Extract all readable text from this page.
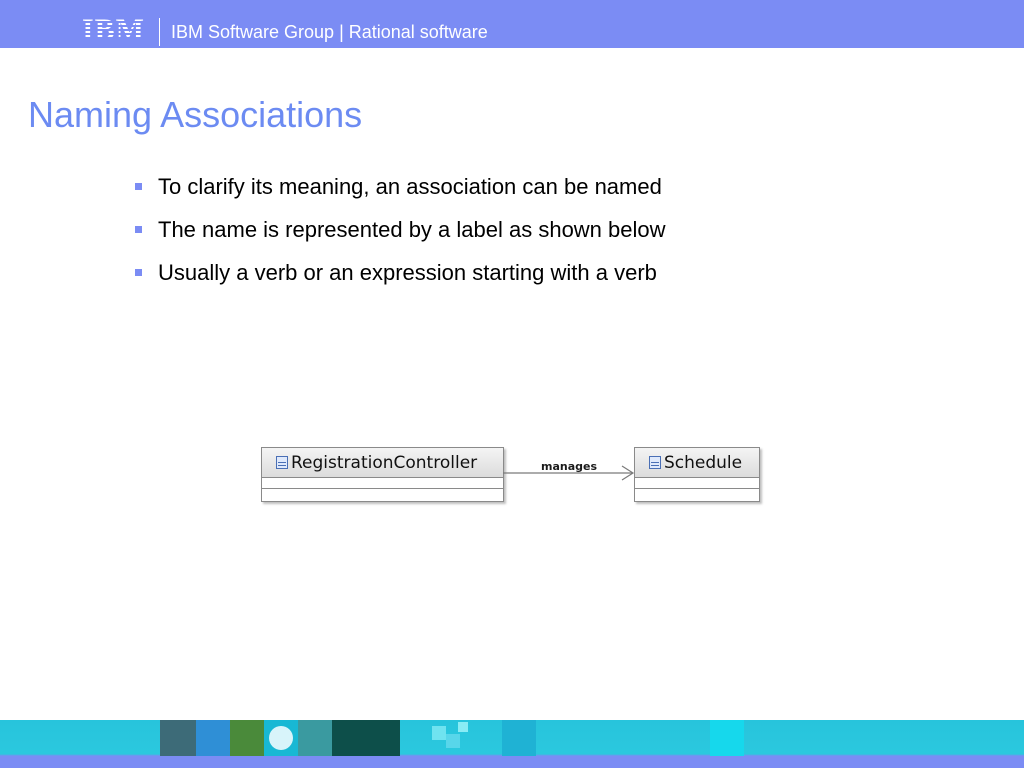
IBM IBM Software Group | Rational software
Naming Associations
To clarify its meaning, an association can be named
The name is represented by a label as shown below
Usually a verb or an expression starting with a verb
RegistrationController	manages	Schedule
